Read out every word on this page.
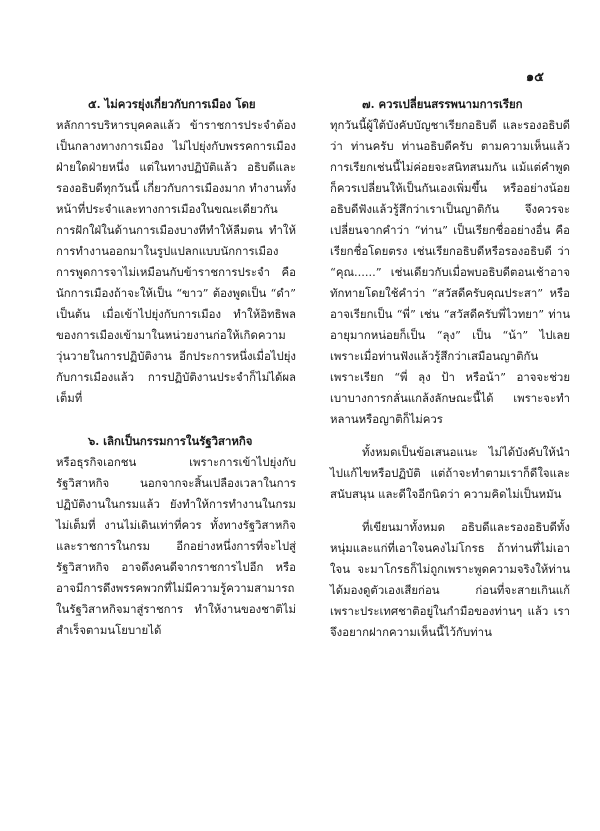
๑๕

๕. ไม่ควรยุ่งเกี่ยวกับการเมือง โดย

หลักการบริหารบุคคลแล้ว ข้าราชการประจำต้องเป็นกลางทางการเมือง ไม่ไปยุ่งกับพรรคการเมืองฝ่ายใดฝ่ายหนึ่ง แต่ในทางปฏิบัติแล้ว อธิบดีและรองอธิบดีทุกวันนี้ เกี่ยวกับการเมืองมาก ทำงานทั้งหน้าที่ประจำและทางการเมืองในขณะเดียวกันการฝักใฝ่ในด้านการเมืองบางทีทำให้ลืมตน ทำให้การทำงานออกมาในรูปแปลกแบบนักการเมือง การพูดการจาไม่เหมือนกับข้าราชการประจำ คือนักการเมืองถ้าจะให้เป็น “ขาว” ต้องพูดเป็น “ดำ” เป็นต้น เมื่อเข้าไปยุ่งกับการเมือง ทำให้อิทธิพลของการเมืองเข้ามาในหน่วยงานก่อให้เกิดความวุ่นวายในการปฏิบัติงาน อีกประการหนึ่งเมื่อไปยุ่งกับการเมืองแล้ว การปฏิบัติงานประจำก็ไม่ได้ผลเต็มที่

๖. เลิกเป็นกรรมการในรัฐวิสาหกิจ

หรือธุรกิจเอกชน เพราะการเข้าไปยุ่งกับรัฐวิสาหกิจ นอกจากจะสิ้นเปลืองเวลาในการปฏิบัติงานในกรมแล้ว ยังทำให้การทำงานในกรมไม่เต็มที่ งานไม่เดินเท่าที่ควร ทั้งทางรัฐวิสาหกิจและราชการในกรม อีกอย่างหนึ่งการที่จะไปสู่รัฐวิสาหกิจ อาจดึงคนดีจากราชการไปอีก หรืออาจมีการดึงพรรคพวกที่ไม่มีความรู้ความสามารถในรัฐวิสาหกิจมาสู่ราชการ ทำให้งานของชาติไม่สำเร็จตามนโยบายได้

๗. ควรเปลี่ยนสรรพนามการเรียก

ทุกวันนี้ผู้ใต้บังคับบัญชาเรียกอธิบดี และรองอธิบดีว่า ท่านครับ ท่านอธิบดีครับ ตามความเห็นแล้ว การเรียกเช่นนี้ไม่ค่อยจะสนิทสนมกัน แม้แต่คำพูดก็ควรเปลี่ยนให้เป็นกันเองเพิ่มขึ้น หรืออย่างน้อยอธิบดีฟังแล้วรู้สึกว่าเราเป็นญาติกัน จึงควรจะเปลี่ยนจากคำว่า “ท่าน” เป็นเรียกชื่ออย่างอื่น คือเรียกชื่อโดยตรง เช่นเรียกอธิบดีหรือรองอธิบดี ว่า “คุณ......” เช่นเดียวกับเมื่อพบอธิบดีตอนเช้าอาจทักทายโดยใช้คำว่า “สวัสดีครับคุณประสา” หรืออาจเรียกเป็น “พี่” เช่น “สวัสดีครับพี่ไวทยา” ท่านอายุมากหน่อยก็เป็น “ลุง” เป็น “น้า” ไปเลย เพราะเมื่อท่านฟังแล้วรู้สึกว่าเสมือนญาติกัน เพราะเรียก “พี่ ลุง ป้า หรือน้า” อาจจะช่วยเบาบางการกลั่นแกล้งลักษณะนี้ได้ เพราะจะทำหลานหรือญาติก็ไม่ควร

ทั้งหมดเป็นข้อเสนอแนะ ไม่ได้บังคับให้นำไปแก้ไขหรือปฏิบัติ แต่ถ้าจะทำตามเราก็ดีใจและสนับสนุน และดีใจอีกนิดว่า ความคิดไม่เป็นหมัน

ที่เขียนมาทั้งหมด อธิบดีและรองอธิบดีทั้งหนุ่มและแก่ที่เอาใจนคงไม่โกรธ ถ้าท่านที่ไม่เอาใจน จะมาโกรธก็ไม่ถูกเพราะพูดความจริงให้ท่านได้มองดูตัวเองเสียก่อน ก่อนที่จะสายเกินแก้ เพราะประเทศชาติอยู่ในกำมือของท่านๆ แล้ว เราจึงอยากฝากความเห็นนี้ไว้กับท่าน
